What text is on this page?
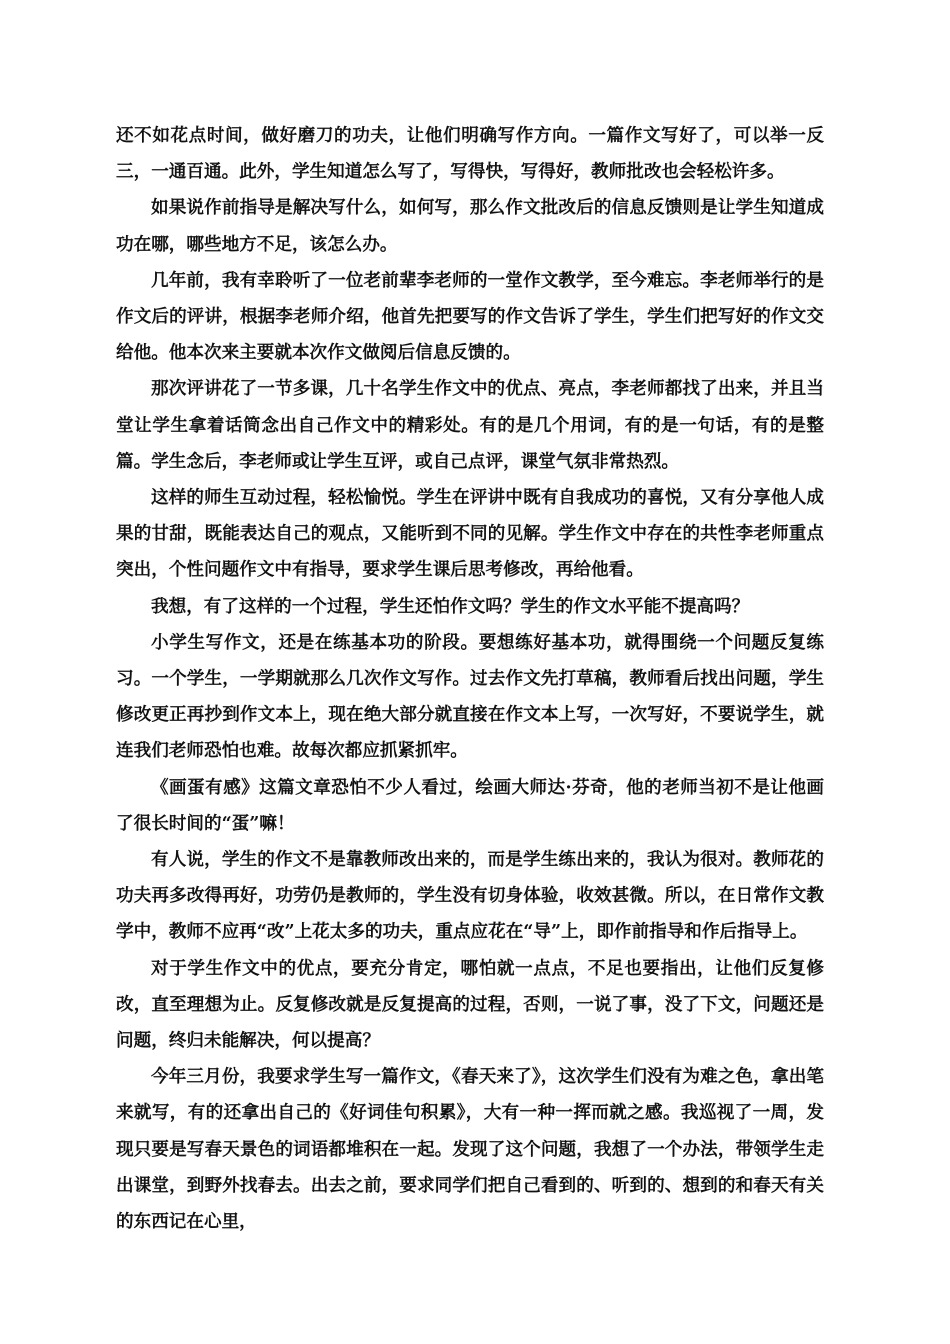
还不如花点时间，做好磨刀的功夫，让他们明确写作方向。一篇作文写好了，可以举一反三，一通百通。此外，学生知道怎么写了，写得快，写得好，教师批改也会轻松许多。

如果说作前指导是解决写什么，如何写，那么作文批改后的信息反馈则是让学生知道成功在哪，哪些地方不足，该怎么办。

几年前，我有幸聆听了一位老前辈李老师的一堂作文教学，至今难忘。李老师举行的是作文后的评讲，根据李老师介绍，他首先把要写的作文告诉了学生，学生们把写好的作文交给他。他本次来主要就本次作文做阅后信息反馈的。

那次评讲花了一节多课，几十名学生作文中的优点、亮点，李老师都找了出来，并且当堂让学生拿着话筒念出自己作文中的精彩处。有的是几个用词，有的是一句话，有的是整篇。学生念后，李老师或让学生互评，或自己点评，课堂气氛非常热烈。

这样的师生互动过程，轻松愉悦。学生在评讲中既有自我成功的喜悦，又有分享他人成果的甘甜，既能表达自己的观点，又能听到不同的见解。学生作文中存在的共性李老师重点突出，个性问题作文中有指导，要求学生课后思考修改，再给他看。

我想，有了这样的一个过程，学生还怕作文吗？学生的作文水平能不提高吗？

小学生写作文，还是在练基本功的阶段。要想练好基本功，就得围绕一个问题反复练习。一个学生，一学期就那么几次作文写作。过去作文先打草稿，教师看后找出问题，学生修改更正再抄到作文本上，现在绝大部分就直接在作文本上写，一次写好，不要说学生，就连我们老师恐怕也难。故每次都应抓紧抓牢。

《画蛋有感》这篇文章恐怕不少人看过，绘画大师达·芬奇，他的老师当初不是让他画了很长时间的“蛋”嘛！

有人说，学生的作文不是靠教师改出来的，而是学生练出来的，我认为很对。教师花的功夫再多改得再好，功劳仍是教师的，学生没有切身体验，收效甚微。所以，在日常作文教学中，教师不应再“改”上花太多的功夫，重点应花在“导”上，即作前指导和作后指导上。

对于学生作文中的优点，要充分肯定，哪怕就一点点，不足也要指出，让他们反复修改，直至理想为止。反复修改就是反复提高的过程，否则，一说了事，没了下文，问题还是问题，终归未能解决，何以提高？

今年三月份，我要求学生写一篇作文，《春天来了》，这次学生们没有为难之色，拿出笔来就写，有的还拿出自己的《好词佳句积累》，大有一种一挥而就之感。我巡视了一周，发现只要是写春天景色的词语都堆积在一起。发现了这个问题，我想了一个办法，带领学生走出课堂，到野外找春去。出去之前，要求同学们把自己看到的、听到的、想到的和春天有关的东西记在心里，
